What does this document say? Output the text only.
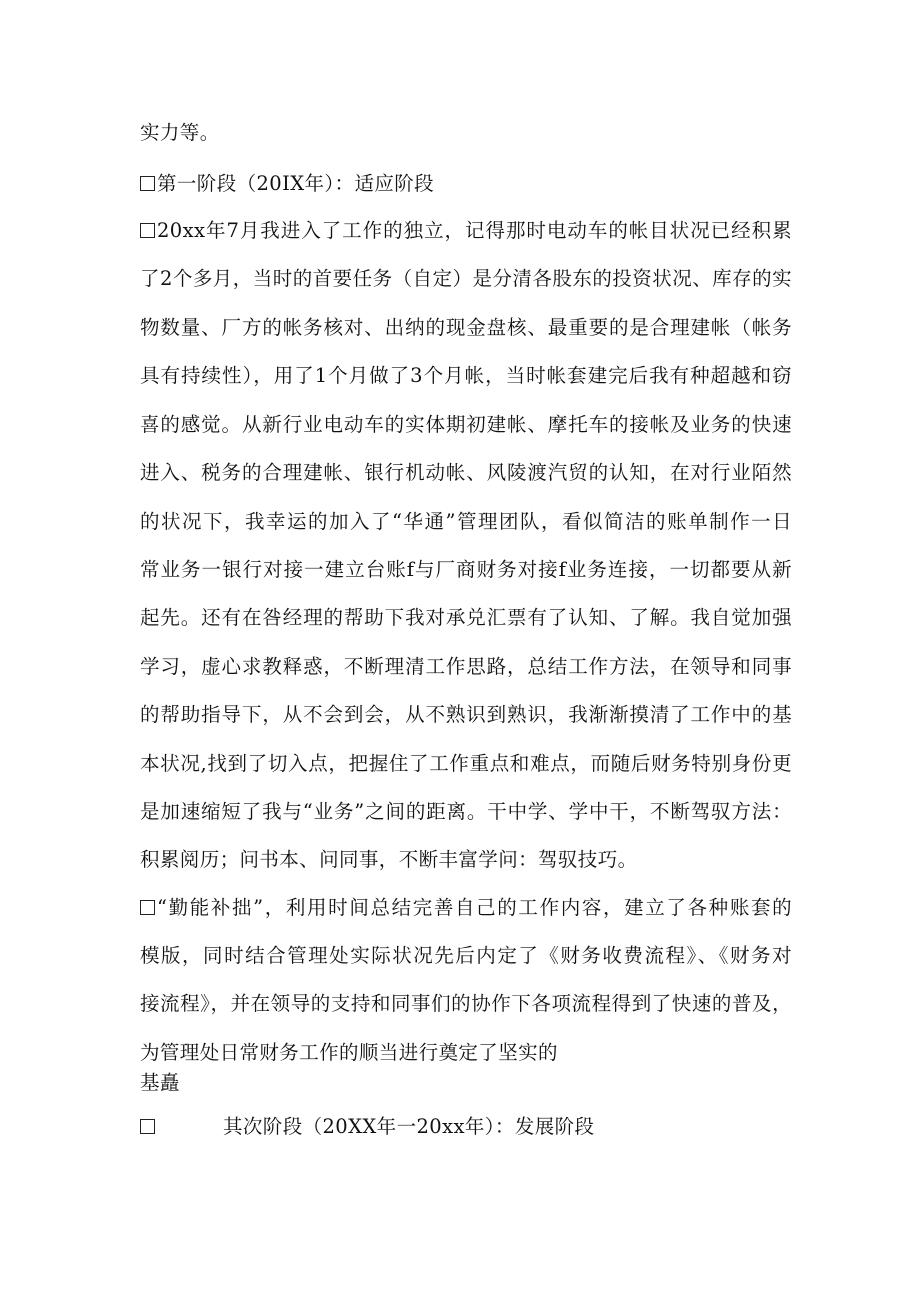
实力等。
第一阶段（20IX年）：适应阶段
20xx年7月我进入了工作的独立，记得那时电动车的帐目状况已经积累
了2个多月，当时的首要任务（自定）是分清各股东的投资状况、库存的实
物数量、厂方的帐务核对、出纳的现金盘核、最重要的是合理建帐（帐务
具有持续性），用了1个月做了3个月帐，当时帐套建完后我有种超越和窃
喜的感觉。从新行业电动车的实体期初建帐、摩托车的接帐及业务的快速
进入、税务的合理建帐、银行机动帐、风陵渡汽贸的认知，在对行业陌然
的状况下，我幸运的加入了“华通”管理团队，看似简洁的账单制作一日
常业务一银行对接一建立台账f与厂商财务对接f业务连接，一切都要从新
起先。还有在咎经理的帮助下我对承兑汇票有了认知、了解。我自觉加强
学习，虚心求教释惑，不断理清工作思路，总结工作方法，在领导和同事
的帮助指导下，从不会到会，从不熟识到熟识，我渐渐摸清了工作中的基
本状况,找到了切入点，把握住了工作重点和难点，而随后财务特别身份更
是加速缩短了我与“业务”之间的距离。干中学、学中干，不断驾驭方法：
积累阅历；问书本、问同事，不断丰富学问：驾驭技巧。
“勤能补拙”，利用时间总结完善自己的工作内容，建立了各种账套的
模版，同时结合管理处实际状况先后内定了《财务收费流程》、《财务对
接流程》，并在领导的支持和同事们的协作下各项流程得到了快速的普及，
为管理处日常财务工作的顺当进行奠定了坚实的
基矗
其次阶段（20XX年一20xx年）：发展阶段
